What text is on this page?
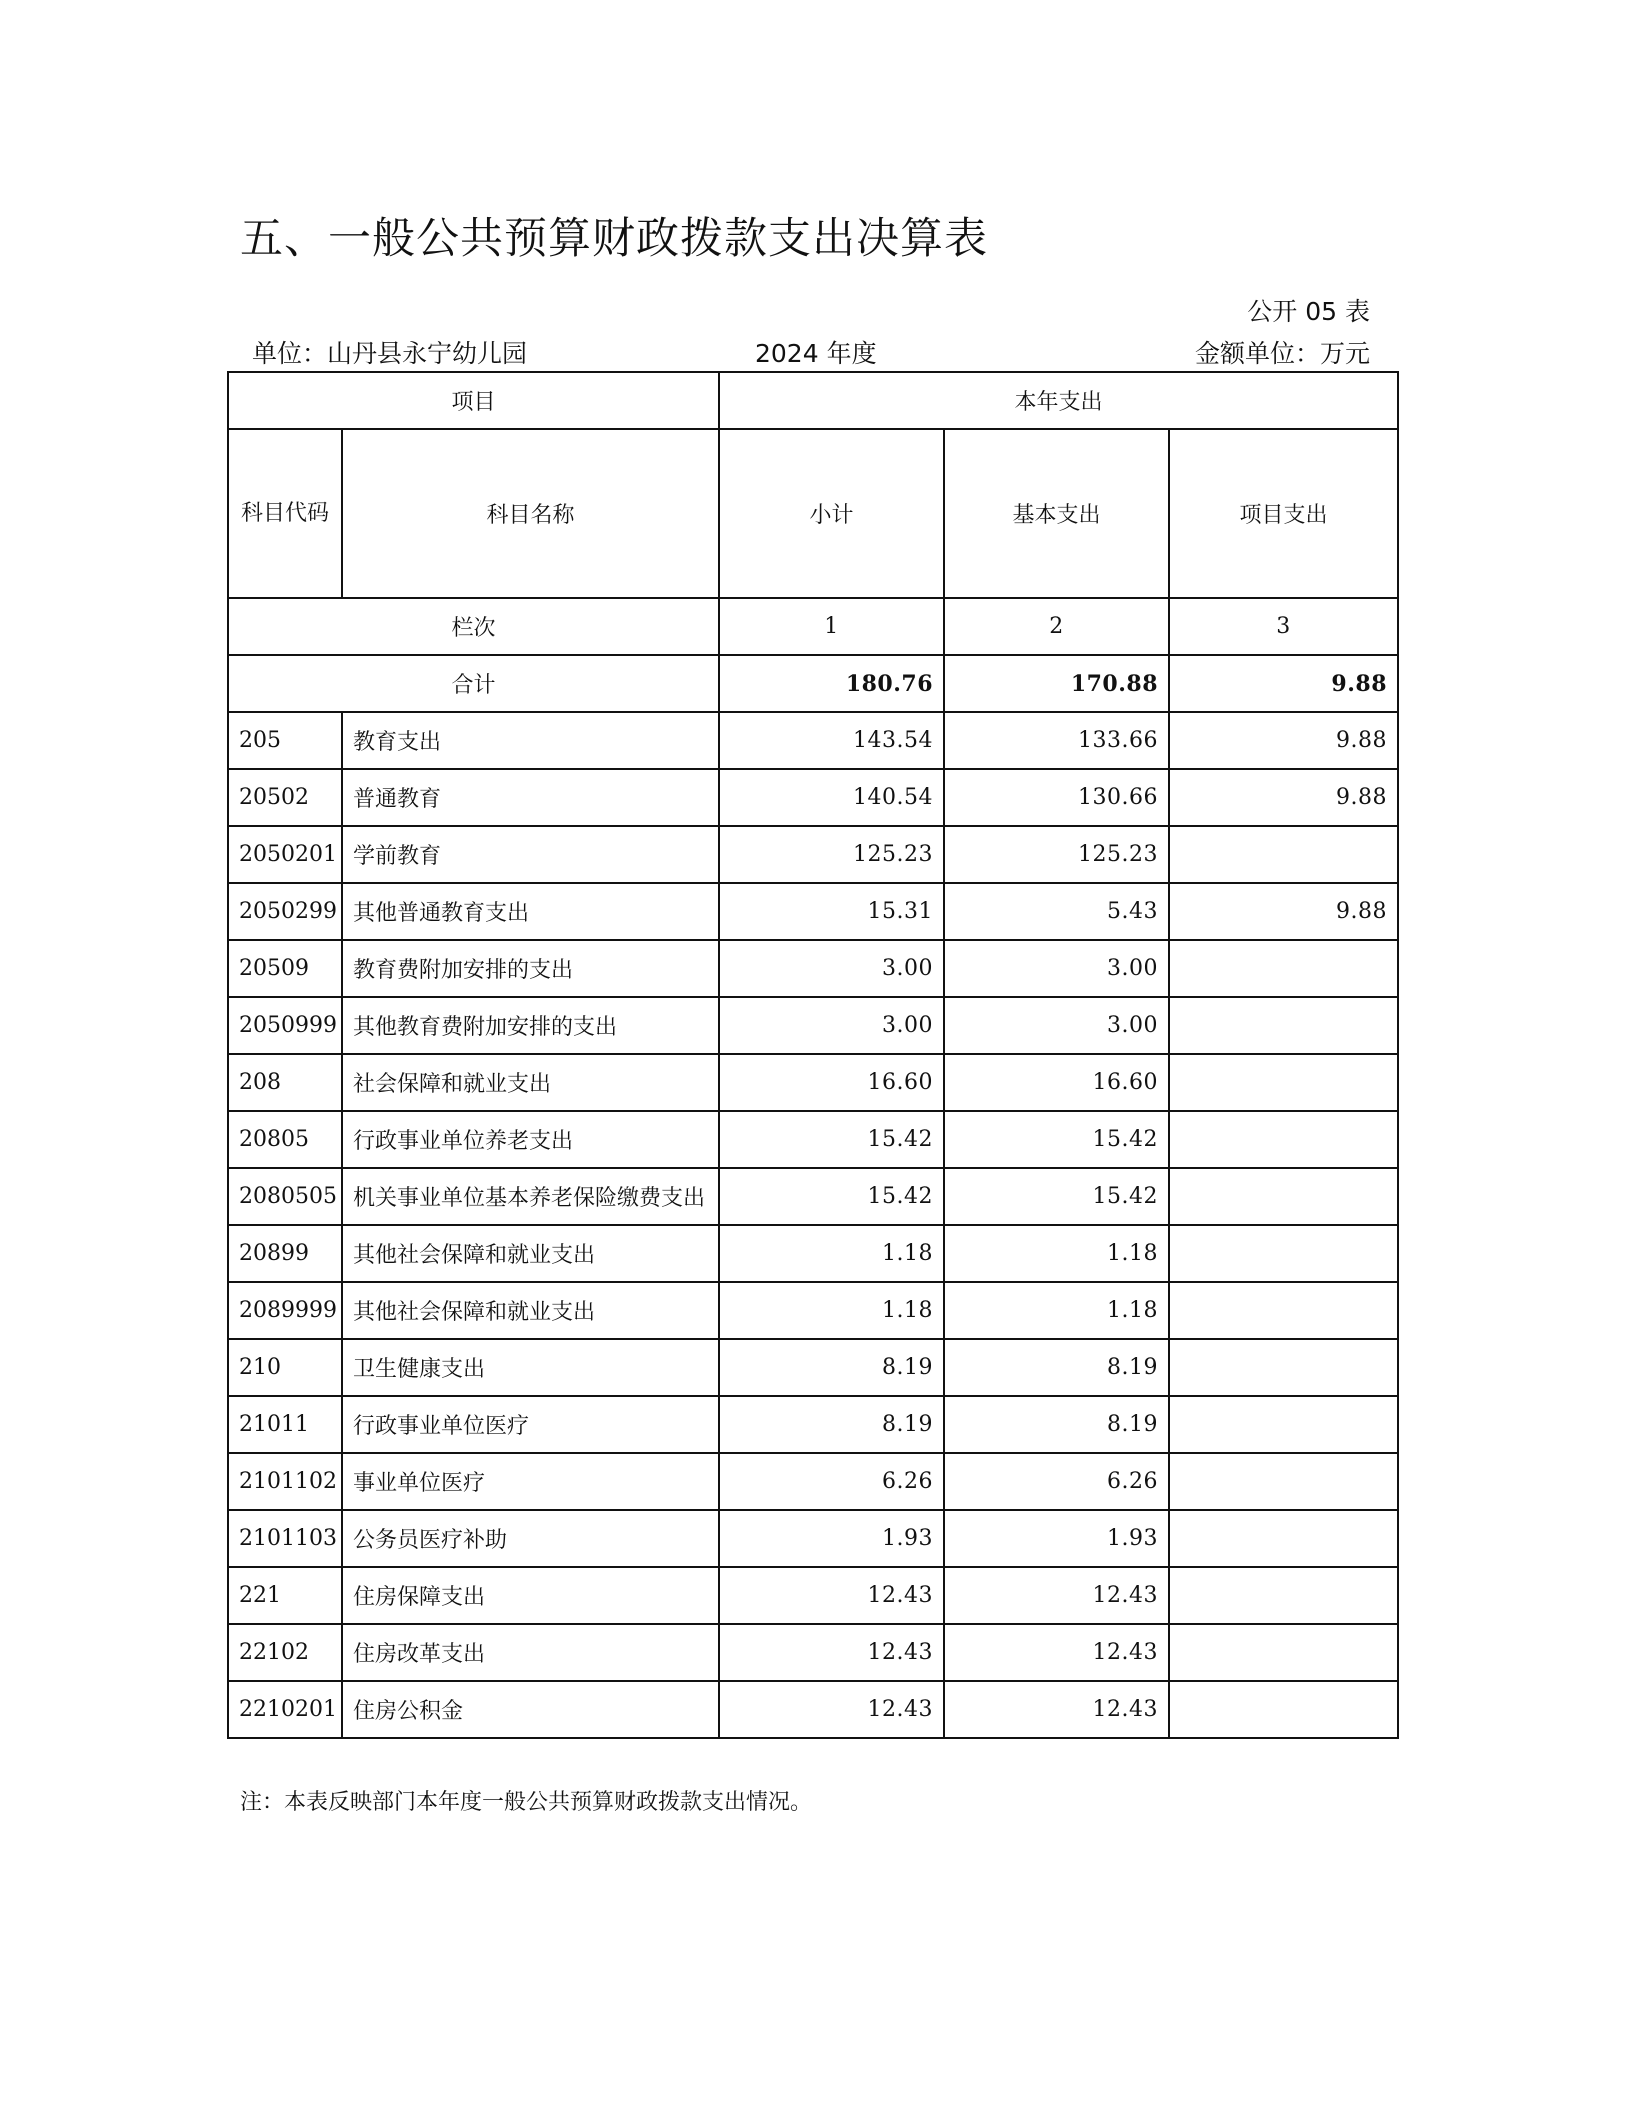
五、一般公共预算财政拨款支出决算表
公开 05 表
单位：山丹县永宁幼儿园	2024 年度	金额单位：万元
项目		本年支出		
科目代码	科目名称	小计	基本支出	项目支出
栏次		1	2	3
合计		180.76	170.88	9.88
205	教育支出	143.54	133.66	9.88
20502	普通教育	140.54	130.66	9.88
2050201	学前教育	125.23	125.23	
2050299	其他普通教育支出	15.31	5.43	9.88
20509	教育费附加安排的支出	3.00	3.00	
2050999	其他教育费附加安排的支出	3.00	3.00	
208	社会保障和就业支出	16.60	16.60	
20805	行政事业单位养老支出	15.42	15.42	
2080505	机关事业单位基本养老保险缴费支出	15.42	15.42	
20899	其他社会保障和就业支出	1.18	1.18	
2089999	其他社会保障和就业支出	1.18	1.18	
210	卫生健康支出	8.19	8.19	
21011	行政事业单位医疗	8.19	8.19	
2101102	事业单位医疗	6.26	6.26	
2101103	公务员医疗补助	1.93	1.93	
221	住房保障支出	12.43	12.43	
22102	住房改革支出	12.43	12.43	
2210201	住房公积金	12.43	12.43	
注：本表反映部门本年度一般公共预算财政拨款支出情况。
